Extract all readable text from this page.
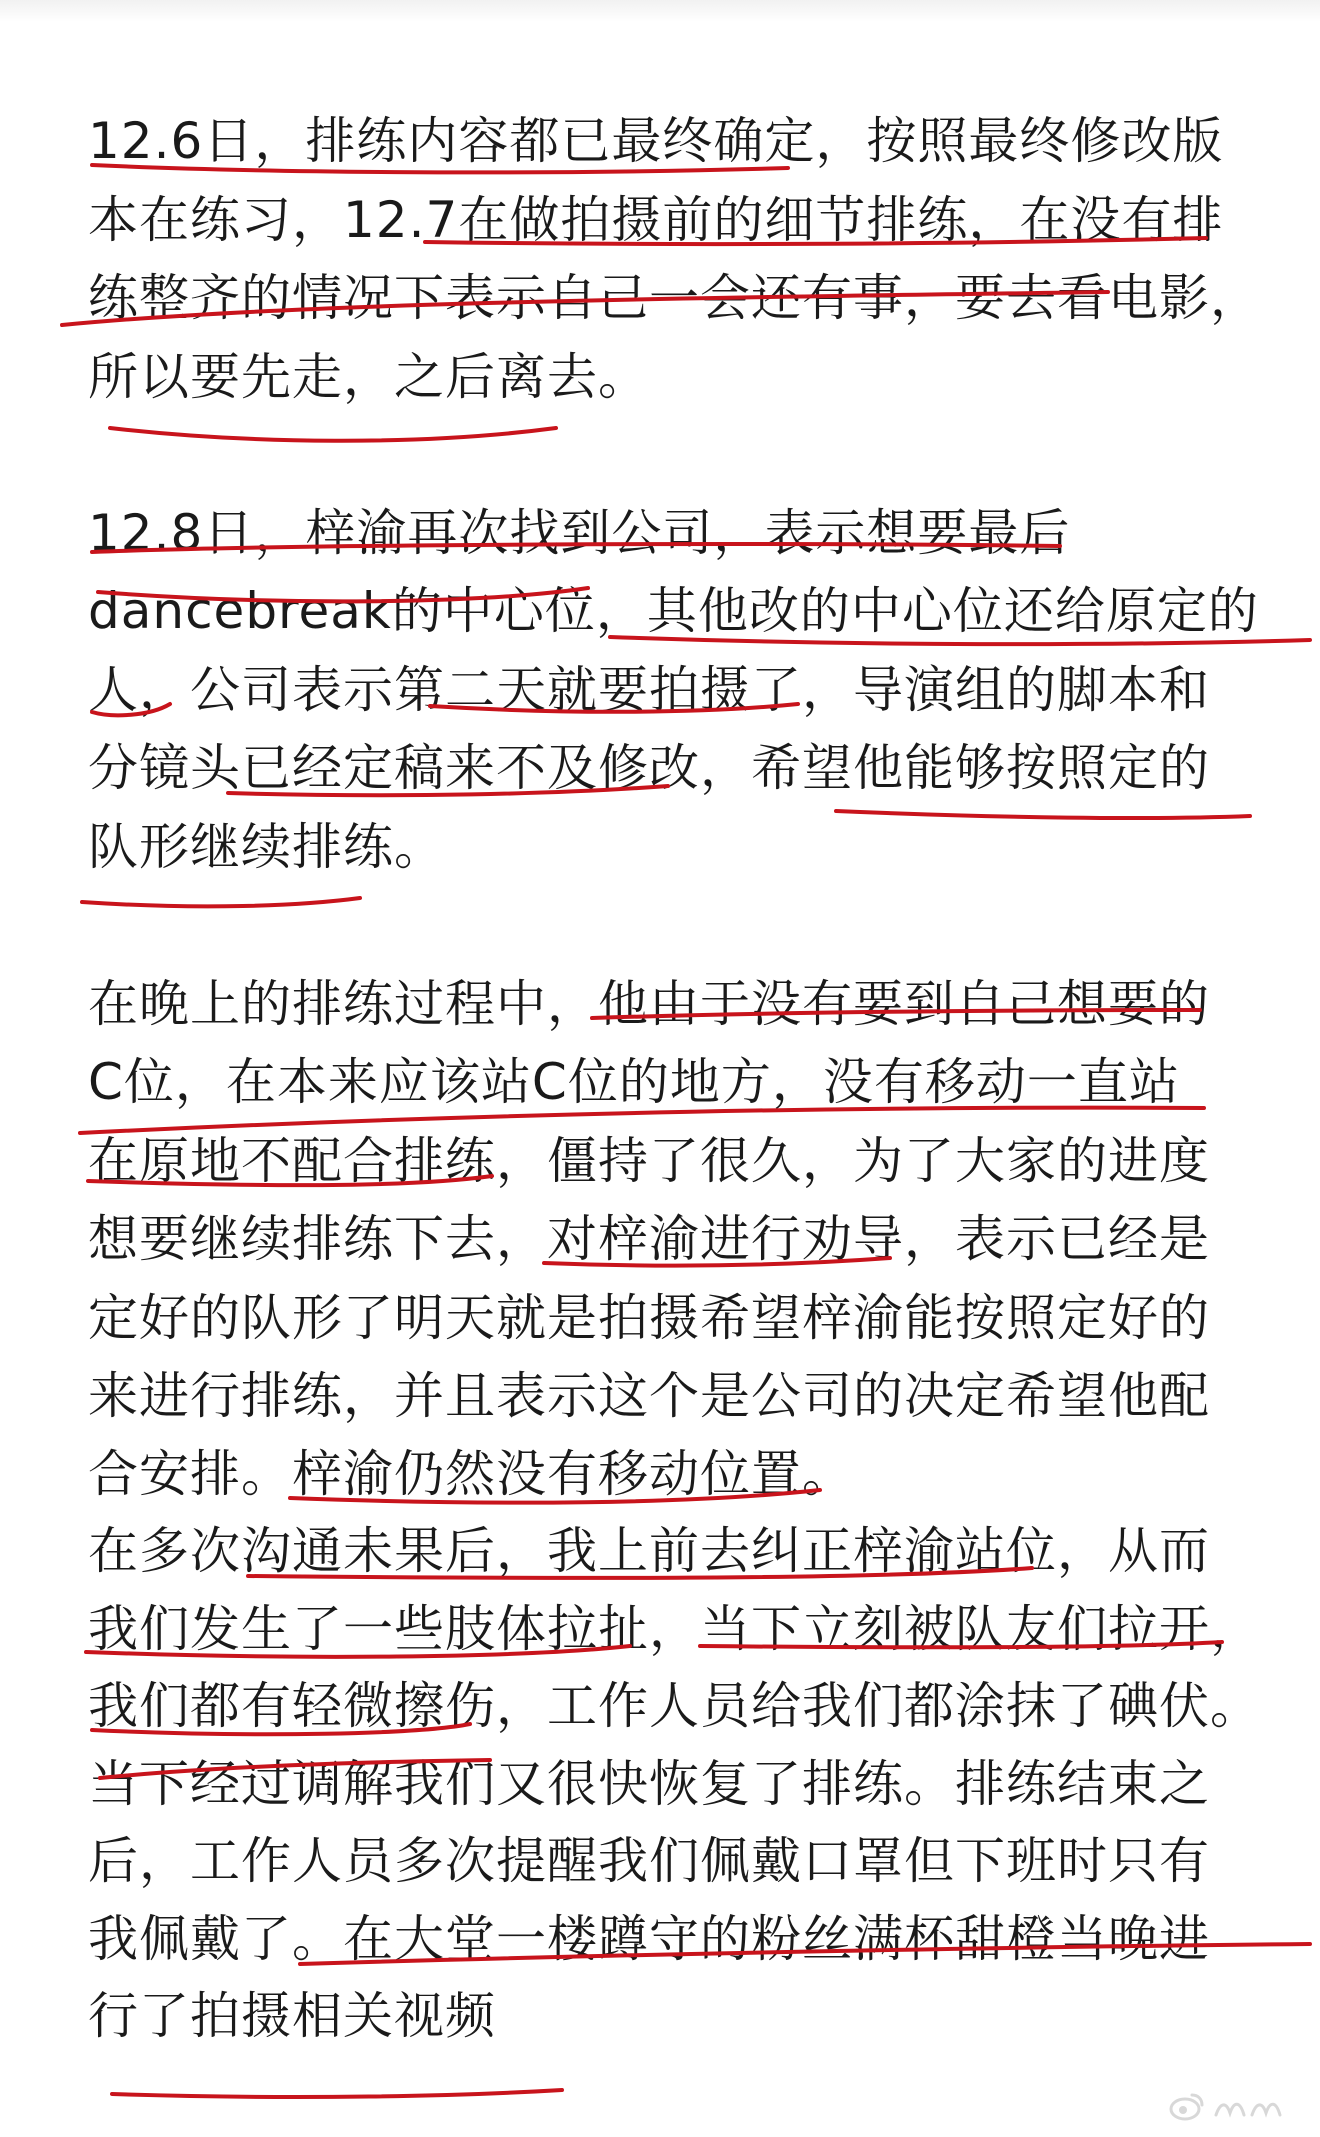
12.6日，排练内容都已最终确定，按照最终修改版
本在练习，12.7在做拍摄前的细节排练，在没有排
练整齐的情况下表示自己一会还有事，要去看电影，
所以要先走，之后离去。
12.8日，梓渝再次找到公司，表示想要最后
dancebreak的中心位，其他改的中心位还给原定的
人，公司表示第二天就要拍摄了，导演组的脚本和
分镜头已经定稿来不及修改，希望他能够按照定的
队形继续排练。
在晚上的排练过程中，他由于没有要到自己想要的
C位，在本来应该站C位的地方，没有移动一直站
在原地不配合排练，僵持了很久，为了大家的进度
想要继续排练下去，对梓渝进行劝导，表示已经是
定好的队形了明天就是拍摄希望梓渝能按照定好的
来进行排练，并且表示这个是公司的决定希望他配
合安排。梓渝仍然没有移动位置。
在多次沟通未果后，我上前去纠正梓渝站位，从而
我们发生了一些肢体拉扯，当下立刻被队友们拉开，
我们都有轻微擦伤，工作人员给我们都涂抹了碘伏。
当下经过调解我们又很快恢复了排练。排练结束之
后，工作人员多次提醒我们佩戴口罩但下班时只有
我佩戴了。在大堂一楼蹲守的粉丝满杯甜橙当晚进
行了拍摄相关视频
